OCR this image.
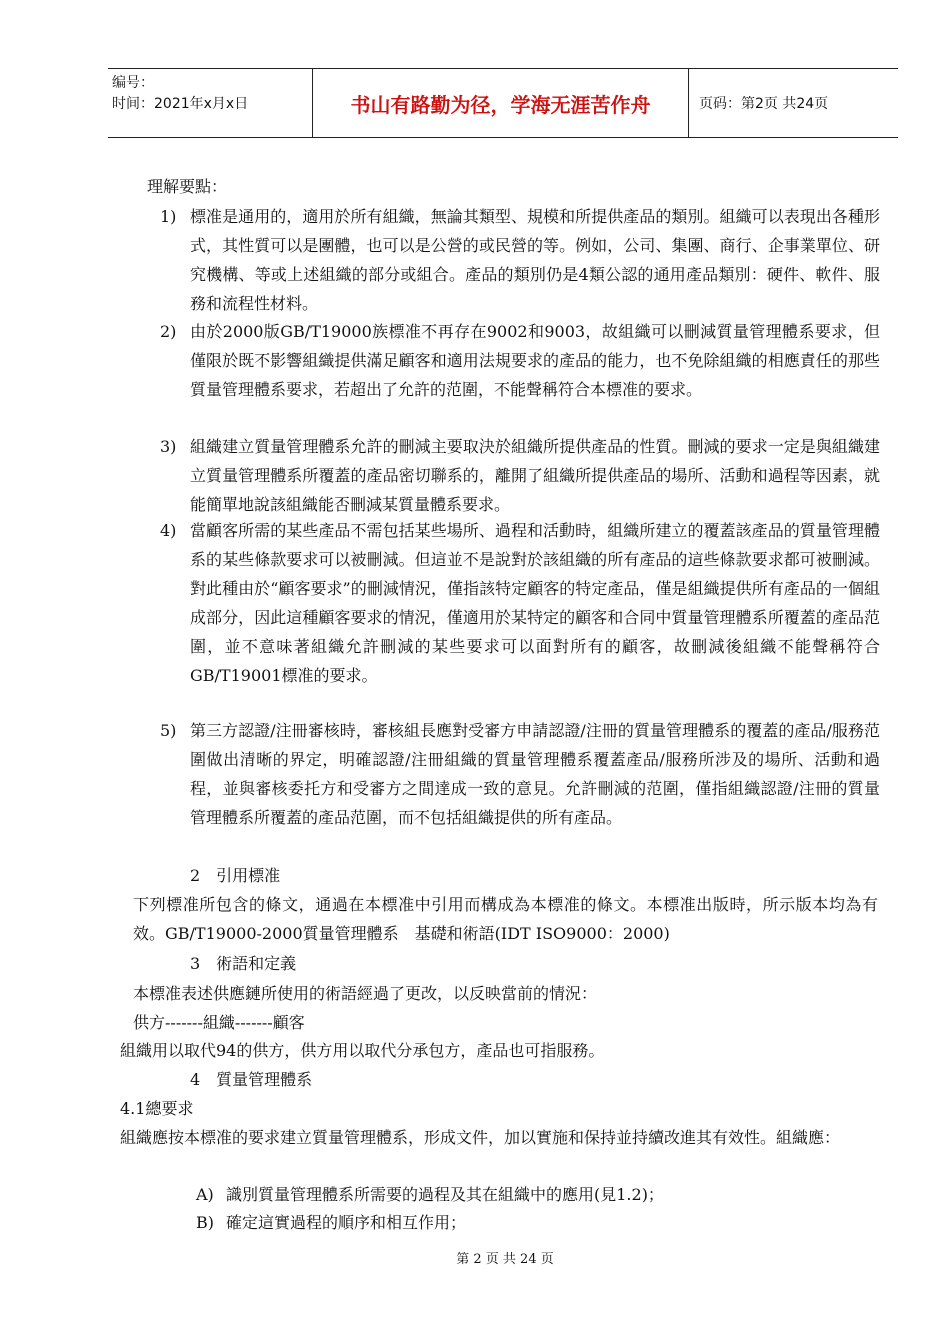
编号：
时间：2021年x月x日	书山有路勤为径，学海无涯苦作舟	页码：第2页 共24页
理解要點：
1) 標准是通用的，適用於所有組織，無論其類型、規模和所提供產品的類別。組織可以表現出各種形式，其性質可以是團體，也可以是公營的或民營的等。例如，公司、集團、商行、企事業單位、研究機構、等或上述組織的部分或組合。產品的類別仍是4類公認的通用產品類別：硬件、軟件、服務和流程性材料。
2) 由於2000版GB/T19000族標准不再存在9002和9003，故組織可以刪減質量管理體系要求，但僅限於既不影響組織提供滿足顧客和適用法規要求的產品的能力，也不免除組織的相應責任的那些質量管理體系要求，若超出了允許的范圍，不能聲稱符合本標准的要求。
3) 組織建立質量管理體系允許的刪減主要取決於組織所提供產品的性質。刪減的要求一定是與組織建立質量管理體系所覆蓋的產品密切聯系的，離開了組織所提供產品的場所、活動和過程等因素，就能簡單地說該組織能否刪減某質量體系要求。
4) 當顧客所需的某些產品不需包括某些場所、過程和活動時，組織所建立的覆蓋該產品的質量管理體系的某些條款要求可以被刪減。但這並不是說對於該組織的所有產品的這些條款要求都可被刪減。對此種由於“顧客要求”的刪減情況，僅指該特定顧客的特定產品，僅是組織提供所有產品的一個組成部分，因此這種顧客要求的情況，僅適用於某特定的顧客和合同中質量管理體系所覆蓋的產品范圍，並不意味著組織允許刪減的某些要求可以面對所有的顧客，故刪減後組織不能聲稱符合GB/T19001標准的要求。
5) 第三方認證/注冊審核時，審核組長應對受審方申請認證/注冊的質量管理體系的覆蓋的產品/服務范圍做出清晰的界定，明確認證/注冊組織的質量管理體系覆蓋產品/服務所涉及的場所、活動和過程，並與審核委托方和受審方之間達成一致的意見。允許刪減的范圍，僅指組織認證/注冊的質量管理體系所覆蓋的產品范圍，而不包括組織提供的所有產品。
2　引用標准
下列標准所包含的條文，通過在本標准中引用而構成為本標准的條文。本標准出版時，所示版本均為有效。GB/T19000-2000質量管理體系　基礎和術語(IDT ISO9000：2000)
3　術語和定義
本標准表述供應鏈所使用的術語經過了更改，以反映當前的情況：
供方-------組織-------顧客
組織用以取代94的供方，供方用以取代分承包方，產品也可指服務。
4　質量管理體系
4.1總要求
組織應按本標准的要求建立質量管理體系，形成文件，加以實施和保持並持續改進其有效性。組織應：
A) 識別質量管理體系所需要的過程及其在組織中的應用(見1.2)；
B) 確定這實過程的順序和相互作用；
第 2 页 共 24 页
